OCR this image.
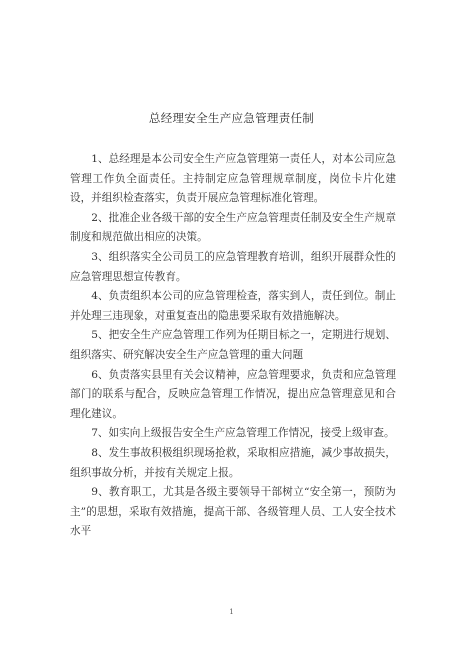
总经理安全生产应急管理责任制

1、总经理是本公司安全生产应急管理第一责任人，对本公司应急管理工作负全面责任。主持制定应急管理规章制度，岗位卡片化建设，并组织检查落实，负责开展应急管理标准化管理。

2、批准企业各级干部的安全生产应急管理责任制及安全生产规章制度和规范做出相应的决策。

3、组织落实全公司员工的应急管理教育培训，组织开展群众性的应急管理思想宣传教育。

4、负责组织本公司的应急管理检查，落实到人，责任到位。制止并处理三违现象，对重复查出的隐患要采取有效措施解决。

5、把安全生产应急管理工作列为任期目标之一，定期进行规划、组织落实、研究解决安全生产应急管理的重大问题

6、负责落实县里有关会议精神，应急管理要求，负责和应急管理部门的联系与配合，反映应急管理工作情况，提出应急管理意见和合理化建议。

7、如实向上级报告安全生产应急管理工作情况，接受上级审查。

8、发生事故积极组织现场抢救，采取相应措施，减少事故损失，组织事故分析，并按有关规定上报。

9、教育职工，尤其是各级主要领导干部树立“安全第一，预防为主”的思想，采取有效措施，提高干部、各级管理人员、工人安全技术水平

1
